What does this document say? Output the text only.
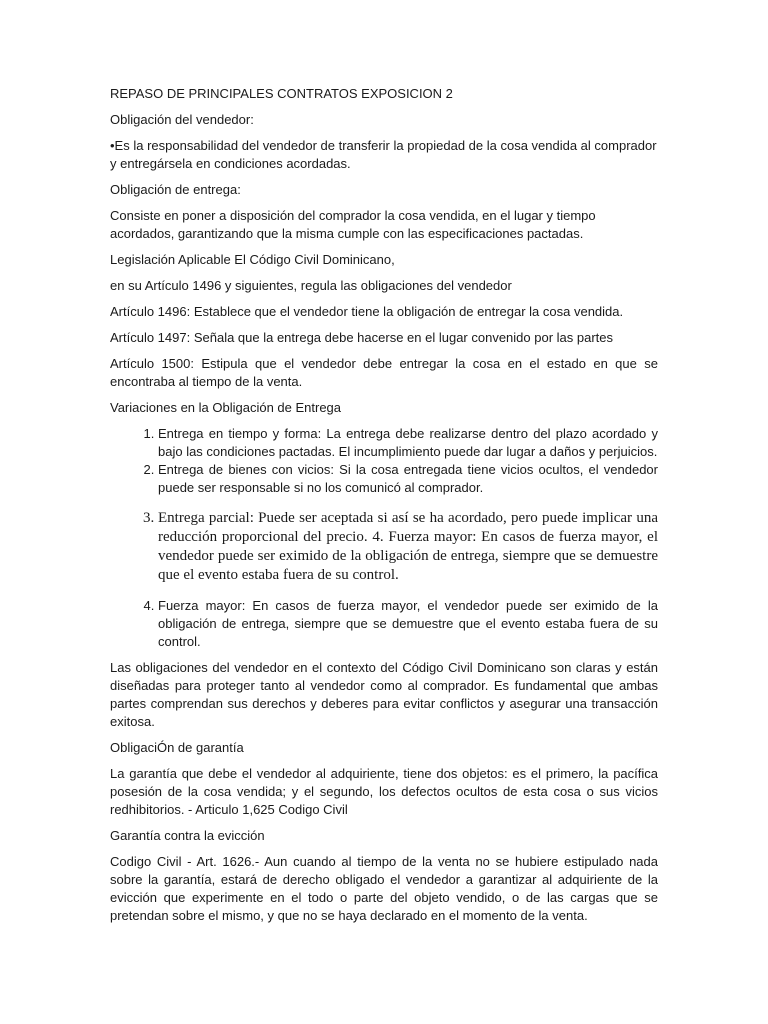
REPASO DE PRINCIPALES CONTRATOS EXPOSICION 2

Obligación del vendedor:

•Es la responsabilidad del vendedor de transferir la propiedad de la cosa vendida al comprador y entregársela en condiciones acordadas.

Obligación de entrega:

Consiste en poner a disposición del comprador la cosa vendida, en el lugar y tiempo acordados, garantizando que la misma cumple con las especificaciones pactadas.

Legislación Aplicable El Código Civil Dominicano,

en su Artículo 1496 y siguientes, regula las obligaciones del vendedor

Artículo 1496: Establece que el vendedor tiene la obligación de entregar la cosa vendida.

Artículo 1497: Señala que la entrega debe hacerse en el lugar convenido por las partes

Artículo 1500: Estipula que el vendedor debe entregar la cosa en el estado en que se encontraba al tiempo de la venta.

Variaciones en la Obligación de Entrega

1. Entrega en tiempo y forma: La entrega debe realizarse dentro del plazo acordado y bajo las condiciones pactadas. El incumplimiento puede dar lugar a daños y perjuicios.
2. Entrega de bienes con vicios: Si la cosa entregada tiene vicios ocultos, el vendedor puede ser responsable si no los comunicó al comprador.
3. Entrega parcial: Puede ser aceptada si así se ha acordado, pero puede implicar una reducción proporcional del precio. 4. Fuerza mayor: En casos de fuerza mayor, el vendedor puede ser eximido de la obligación de entrega, siempre que se demuestre que el evento estaba fuera de su control.
4. Fuerza mayor: En casos de fuerza mayor, el vendedor puede ser eximido de la obligación de entrega, siempre que se demuestre que el evento estaba fuera de su control.

Las obligaciones del vendedor en el contexto del Código Civil Dominicano son claras y están diseñadas para proteger tanto al vendedor como al comprador. Es fundamental que ambas partes comprendan sus derechos y deberes para evitar conflictos y asegurar una transacción exitosa.

ObligaciÓn de garantía

La garantía que debe el vendedor al adquiriente, tiene dos objetos: es el primero, la pacífica posesión de la cosa vendida; y el segundo, los defectos ocultos de esta cosa o sus vicios redhibitorios. - Articulo 1,625 Codigo Civil

Garantía contra la evicción

Codigo Civil - Art. 1626.- Aun cuando al tiempo de la venta no se hubiere estipulado nada sobre la garantía, estará de derecho obligado el vendedor a garantizar al adquiriente de la evicción que experimente en el todo o parte del objeto vendido, o de las cargas que se pretendan sobre el mismo, y que no se haya declarado en el momento de la venta.
